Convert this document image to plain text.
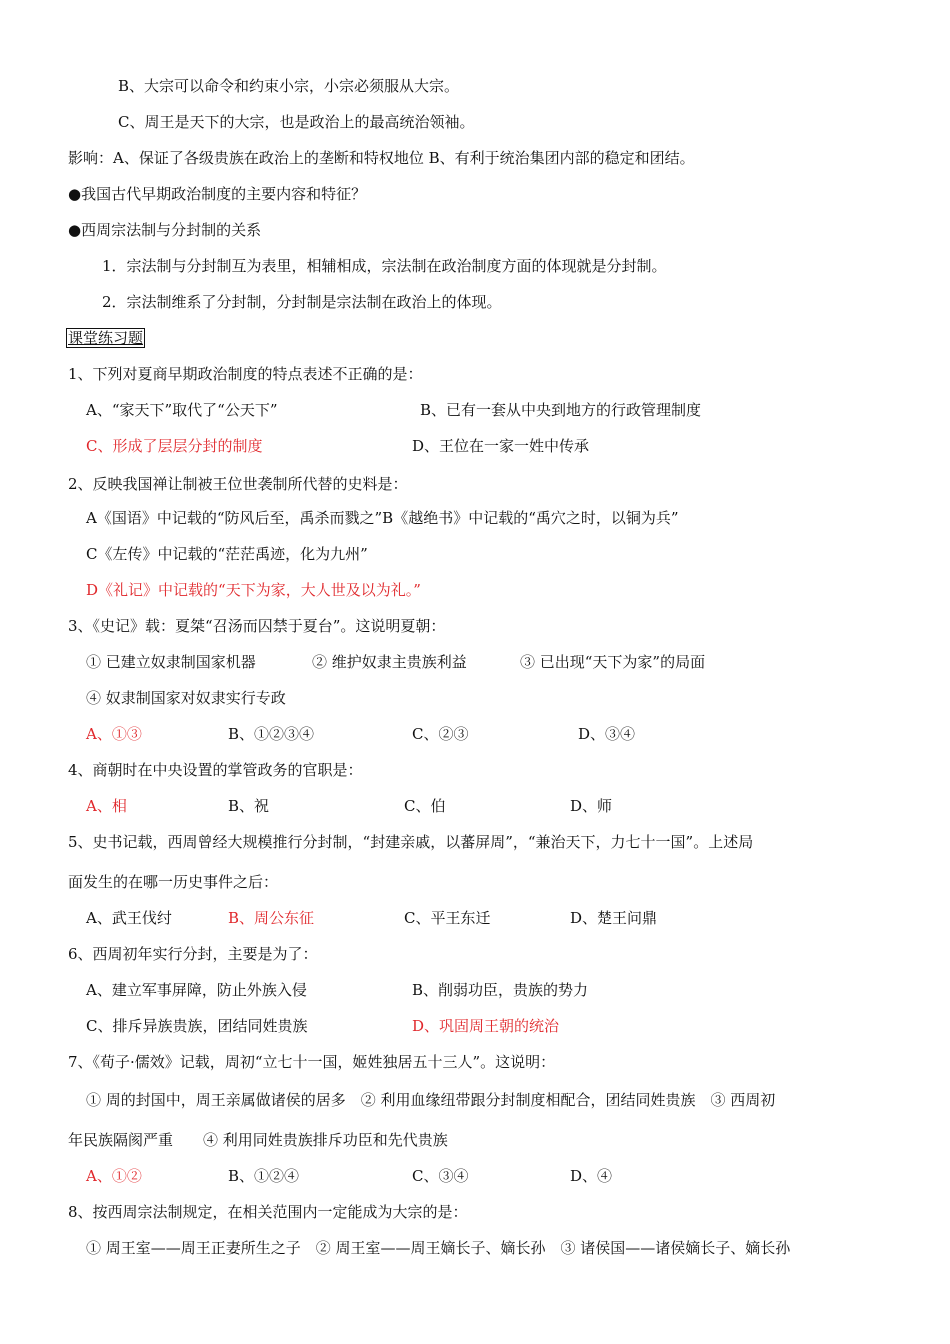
B、大宗可以命令和约束小宗，小宗必须服从大宗。
C、周王是天下的大宗，也是政治上的最高统治领袖。
影响：A、保证了各级贵族在政治上的垄断和特权地位 B、有利于统治集团内部的稳定和团结。
●我国古代早期政治制度的主要内容和特征？
●西周宗法制与分封制的关系
1．宗法制与分封制互为表里，相辅相成，宗法制在政治制度方面的体现就是分封制。
2．宗法制维系了分封制，分封制是宗法制在政治上的体现。
课堂练习题
1、下列对夏商早期政治制度的特点表述不正确的是：
A、“家天下”取代了“公天下”	B、已有一套从中央到地方的行政管理制度
C、形成了层层分封的制度	D、王位在一家一姓中传承
2、反映我国禅让制被王位世袭制所代替的史料是：
A《国语》中记载的“防风后至，禹杀而戮之”B《越绝书》中记载的“禹穴之时，以铜为兵”
C《左传》中记载的“茫茫禹迹，化为九州”
D《礼记》中记载的“天下为家，大人世及以为礼。”
3、《史记》载：夏桀“召汤而囚禁于夏台”。这说明夏朝：
① 已建立奴隶制国家机器	② 维护奴隶主贵族利益	③ 已出现“天下为家”的局面
④ 奴隶制国家对奴隶实行专政
A、①③	B、①②③④	C、②③	D、③④
4、商朝时在中央设置的掌管政务的官职是：
A、相	B、祝	C、伯	D、师
5、史书记载，西周曾经大规模推行分封制，“封建亲戚，以蕃屏周”，“兼治天下，力七十一国”。上述局
面发生的在哪一历史事件之后：
A、武王伐纣	B、周公东征	C、平王东迁	D、楚王问鼎
6、西周初年实行分封，主要是为了：
A、建立军事屏障，防止外族入侵	B、削弱功臣，贵族的势力
C、排斥异族贵族，团结同姓贵族	D、巩固周王朝的统治
7、《荀子·儒效》记载，周初“立七十一国，姬姓独居五十三人”。这说明：
① 周的封国中，周王亲属做诸侯的居多　② 利用血缘纽带跟分封制度相配合，团结同姓贵族　③ 西周初
年民族隔阂严重　　④ 利用同姓贵族排斥功臣和先代贵族
A、①②	B、①②④	C、③④	D、④
8、按西周宗法制规定，在相关范围内一定能成为大宗的是：
① 周王室——周王正妻所生之子　② 周王室——周王嫡长子、嫡长孙　③ 诸侯国——诸侯嫡长子、嫡长孙
